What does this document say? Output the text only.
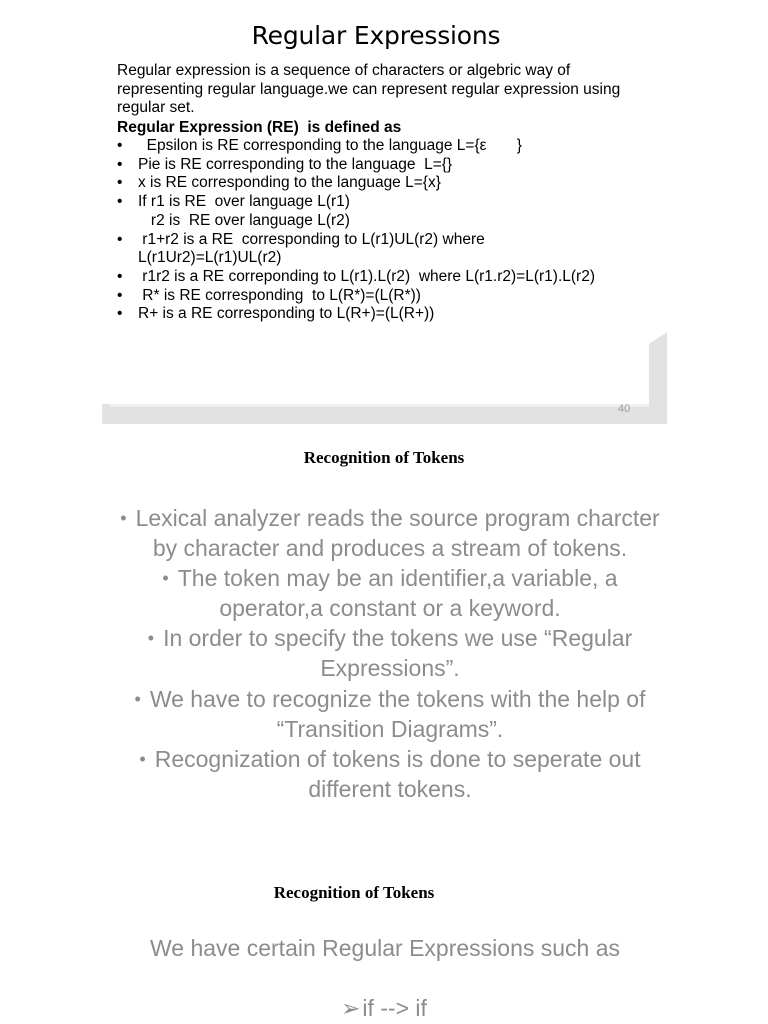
Regular Expressions
Regular expression is a sequence of characters or algebric way of representing regular language.we can represent regular expression using regular set.
Regular Expression (RE)  is defined as
•	Epsilon is RE corresponding to the language L={ε       }
•	Pie is RE corresponding to the language  L={}
•	x is RE corresponding to the language L={x}
•	If r1 is RE  over language L(r1)
r2 is  RE over language L(r2)
•	r1+r2 is a RE  corresponding to L(r1)UL(r2) where
L(r1Ur2)=L(r1)UL(r2)
•	r1r2 is a RE correponding to L(r1).L(r2)  where L(r1.r2)=L(r1).L(r2)
•	R* is RE corresponding  to L(R*)=(L(R*))
•	R+ is a RE corresponding to L(R+)=(L(R+))
40
Recognition of Tokens
• Lexical analyzer reads the source program charcter by character and produces a stream of tokens.
• The token may be an identifier,a variable, a operator,a constant or a keyword.
• In order to specify the tokens we use “Regular Expressions”.
• We have to recognize the tokens with the help of “Transition Diagrams”.
• Recognization of tokens is done to seperate out different tokens.
Recognition of Tokens
We have certain Regular Expressions such as
➢if --> if
